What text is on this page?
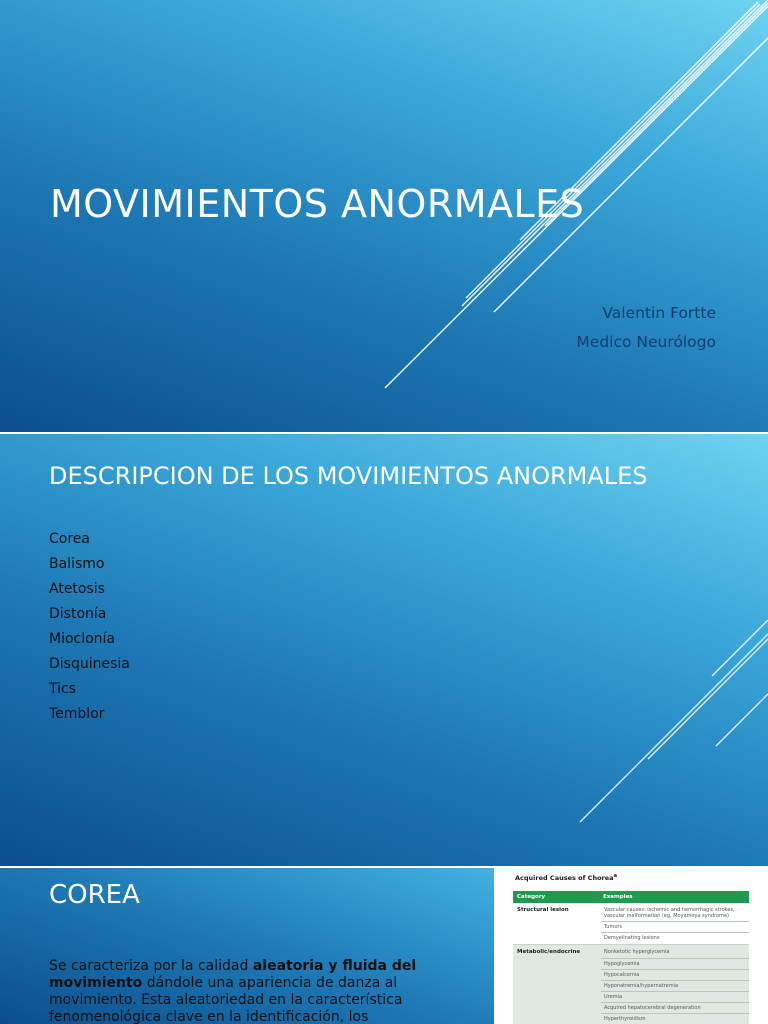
MOVIMIENTOS ANORMALES
Valentin Fortte
Medico Neurólogo
DESCRIPCION DE LOS MOVIMIENTOS ANORMALES
Corea
Balismo
Atetosis
Distonía
Mioclonía
Disquinesia
Tics
Temblor
COREA

Se caracteriza por la calidad aleatoria y fluida del movimiento dándole una apariencia de danza al movimiento. Esta aleatoriedad en la característica fenomenológica clave en la identificación, los

Acquired Causes of Chorea$^a$
Category	Examples
Structural lesion	Vascular causes: ischemic and hemorrhagic strokes, vascular malformation (eg, Moyamoya syndrome)
Tumors
Demyelinating lesions
Metabolic/endocrine	Nonketotic hyperglycemia
Hypoglycemia
Hypocalcemia
Hyponatremia/hypernatremia
Uremia
Acquired hepatocerebral degeneration
Hyperthyroidism
